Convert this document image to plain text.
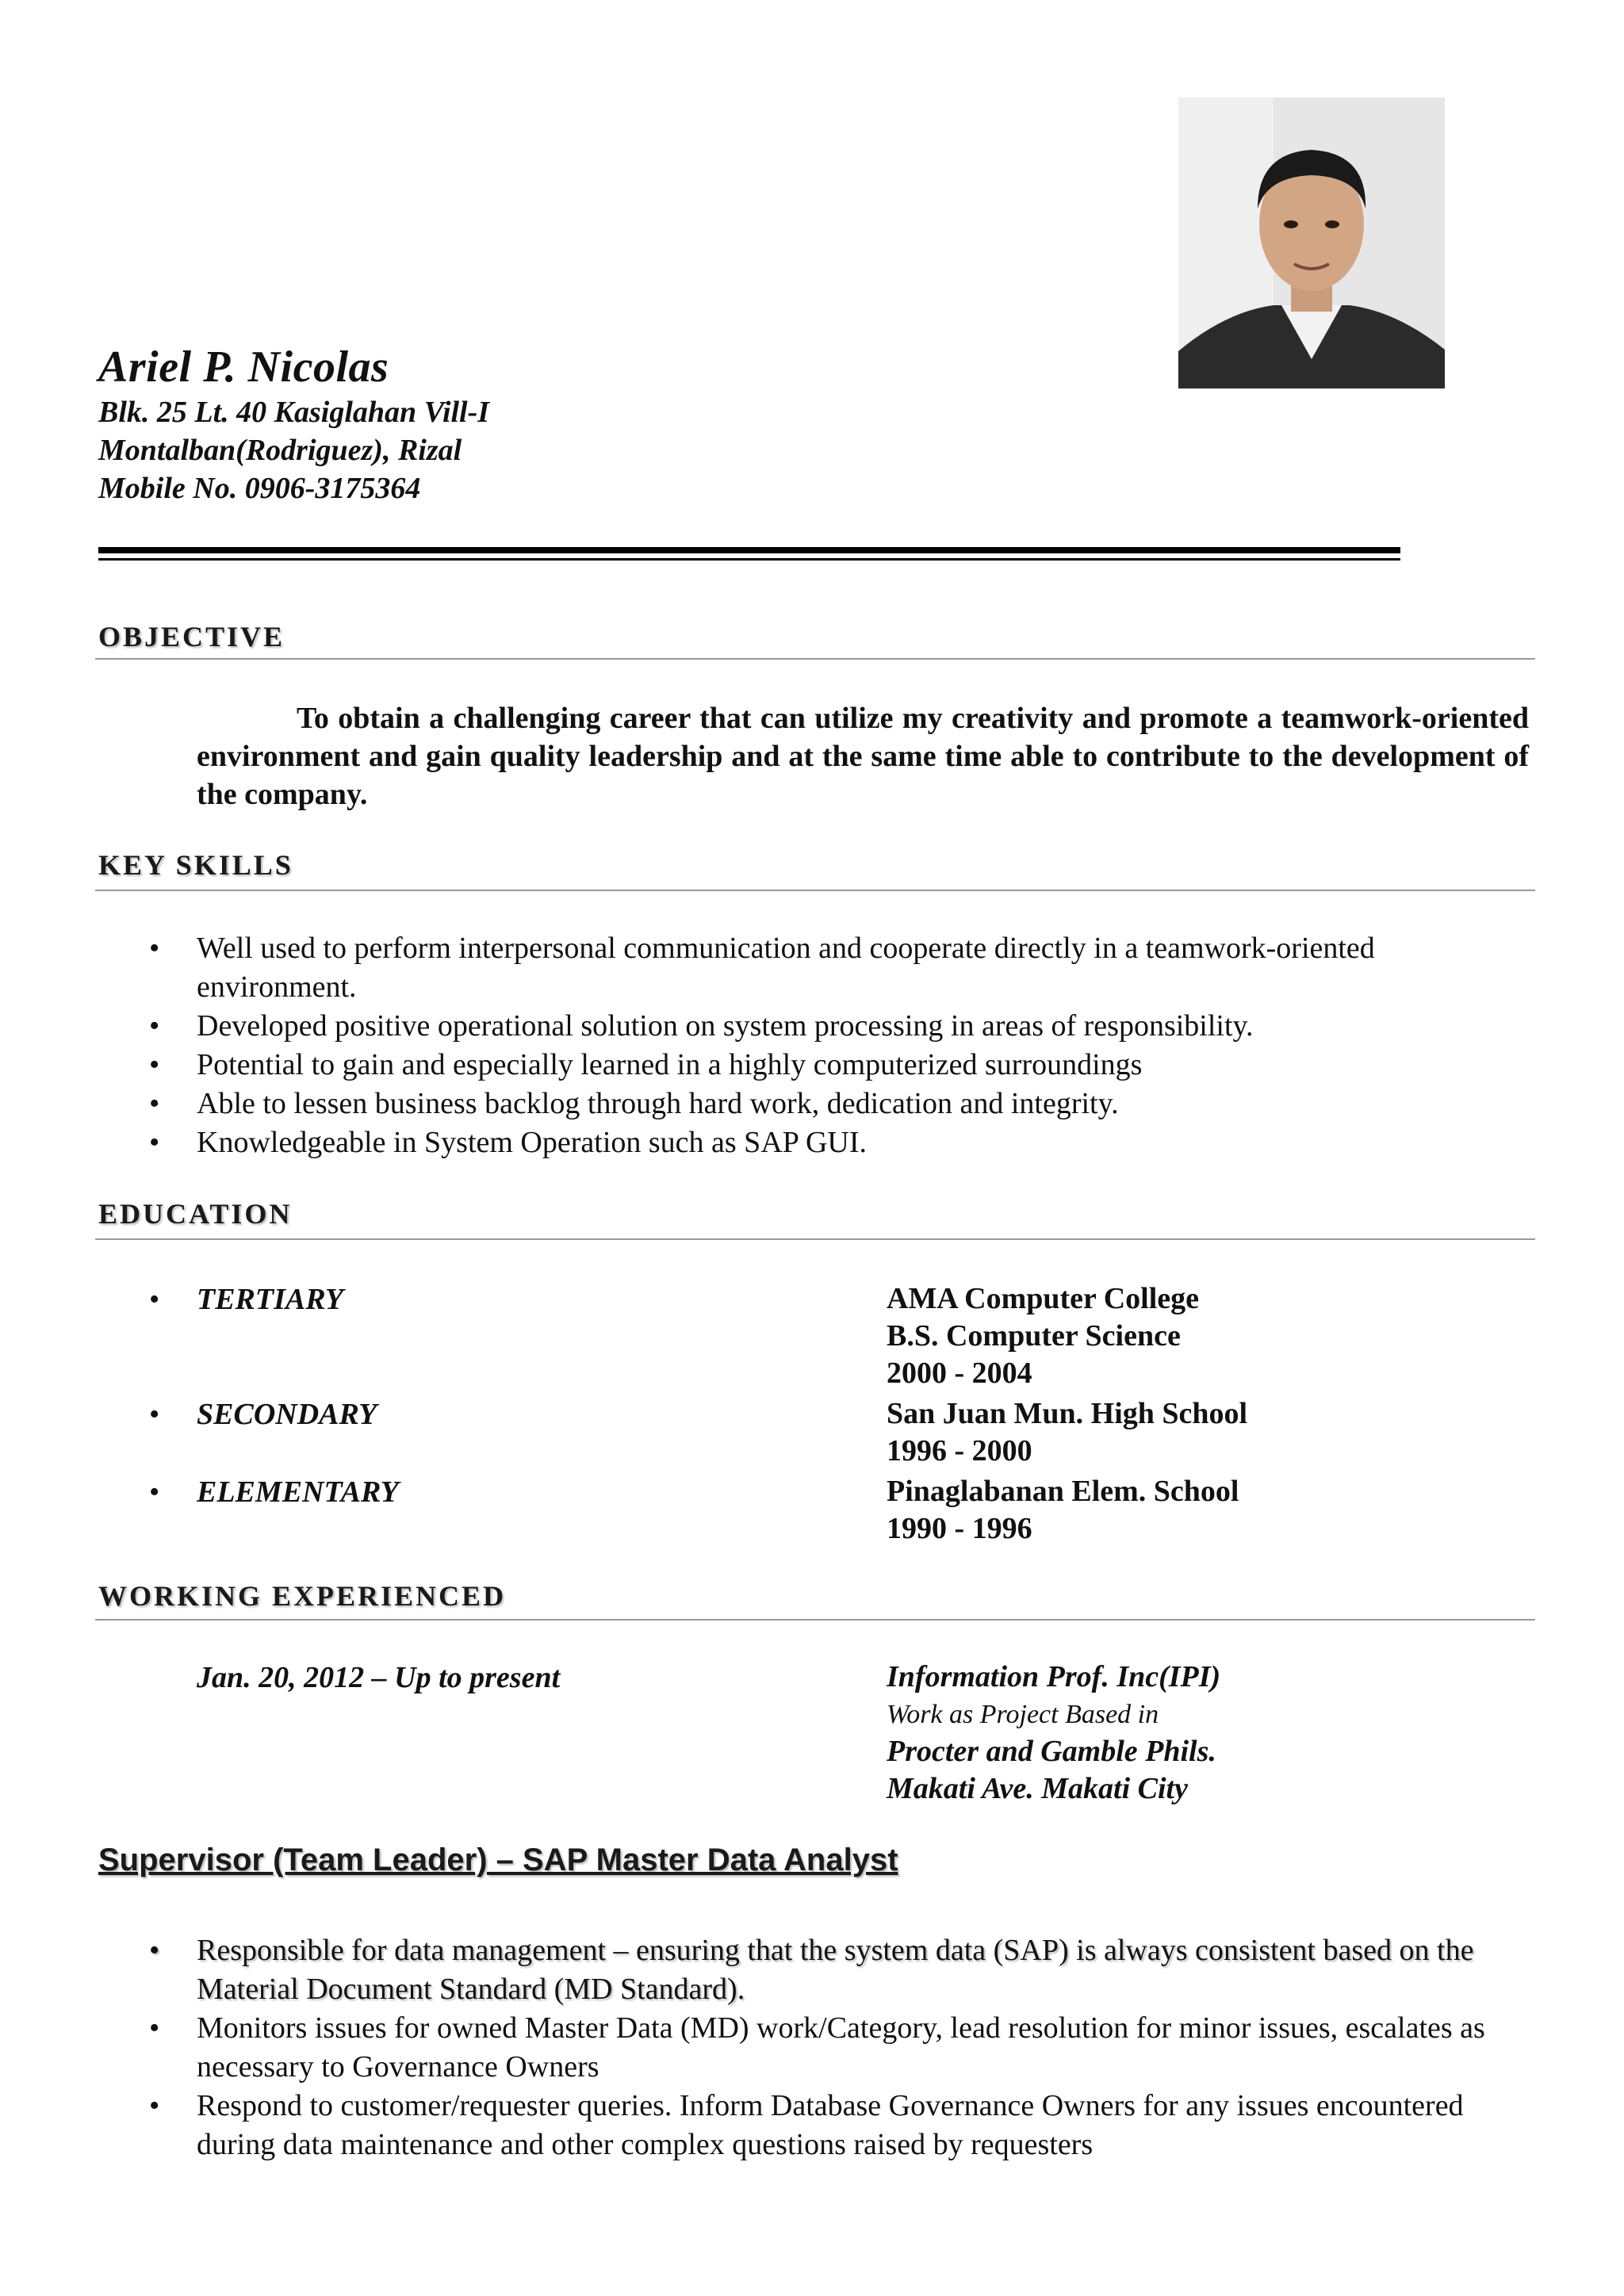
Ariel P. Nicolas

Blk. 25 Lt. 40 Kasiglahan Vill-I

Montalban(Rodriguez), Rizal

Mobile No. 0906-3175364

OBJECTIVE

To obtain a challenging career that can utilize my creativity and promote a teamwork-oriented environment and gain quality leadership and at the same time able to contribute to the development of the company.

KEY SKILLS
• Well used to perform interpersonal communication and cooperate directly in a teamwork-oriented environment.
• Developed positive operational solution on system processing in areas of responsibility.
• Potential to gain and especially learned in a highly computerized surroundings
• Able to lessen business backlog through hard work, dedication and integrity.
• Knowledgeable in System Operation such as SAP GUI.
EDUCATION
• TERTIARY	AMA Computer College
B.S. Computer Science
2000 - 2004
• SECONDARY	San Juan Mun. High School
1996 - 2000
• ELEMENTARY	Pinaglabanan Elem. School
1990 - 1996
WORKING EXPERIENCED
Jan. 20, 2012 – Up to present	Information Prof. Inc(IPI)
Work as Project Based in
Procter and Gamble Phils.
Makati Ave. Makati City
Supervisor (Team Leader) – SAP Master Data Analyst
• Responsible for data management – ensuring that the system data (SAP) is always consistent based on the Material Document Standard (MD Standard).
• Monitors issues for owned Master Data (MD) work/Category, lead resolution for minor issues, escalates as necessary to Governance Owners
• Respond to customer/requester queries. Inform Database Governance Owners for any issues encountered during data maintenance and other complex questions raised by requesters
